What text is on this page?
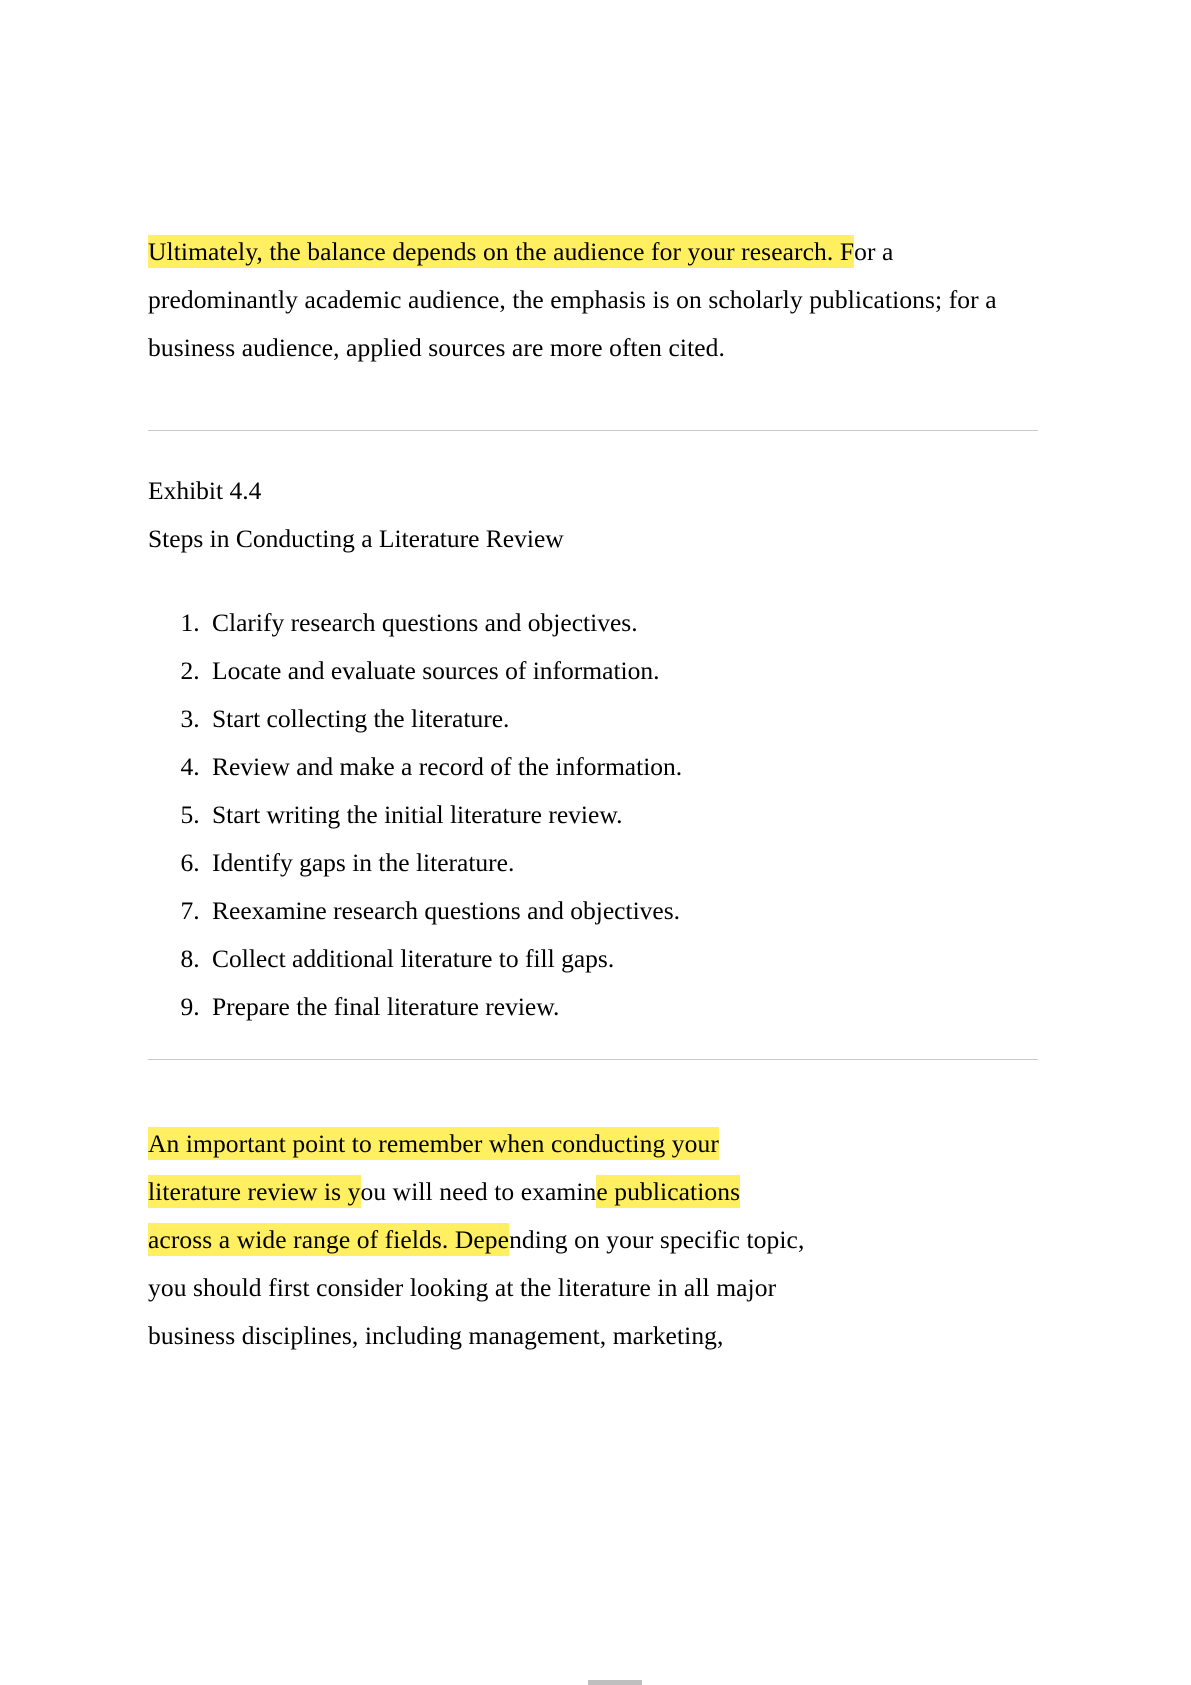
Ultimately, the balance depends on the audience for your research. For a predominantly academic audience, the emphasis is on scholarly publications; for a business audience, applied sources are more often cited.

Exhibit 4.4

Steps in Conducting a Literature Review

1. Clarify research questions and objectives.
2. Locate and evaluate sources of information.
3. Start collecting the literature.
4. Review and make a record of the information.
5. Start writing the initial literature review.
6. Identify gaps in the literature.
7. Reexamine research questions and objectives.
8. Collect additional literature to fill gaps.
9. Prepare the final literature review.

An important point to remember when conducting your
literature review is you will need to examine publications
across a wide range of fields. Depending on your specific topic,
you should first consider looking at the literature in all major
business disciplines, including management, marketing,
